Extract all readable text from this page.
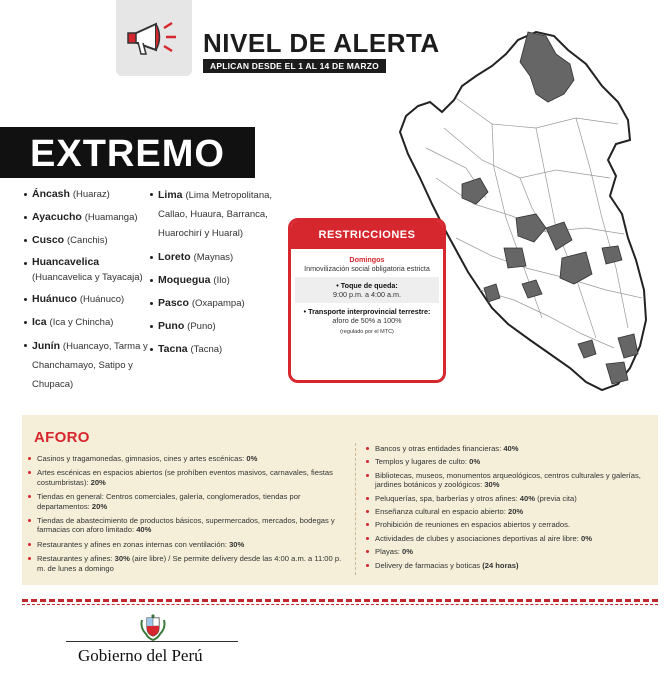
NIVEL DE ALERTA
APLICAN DESDE EL 1 AL 14 DE MARZO
EXTREMO
Áncash (Huaraz)
Ayacucho (Huamanga)
Cusco (Canchis)
Huancavelica
(Huancavelica y Tayacaja)
Huánuco (Huánuco)
Ica (Ica y Chincha)
Junín (Huancayo, Tarma y Chanchamayo, Satipo y Chupaca)
Lima (Lima Metropolitana, Callao, Huaura, Barranca, Huarochirí y Huaral)
Loreto (Maynas)
Moquegua (Ilo)
Pasco (Oxapampa)
Puno (Puno)
Tacna (Tacna)
RESTRICCIONES
Domingos
Inmovilización social obligatoria estricta
• Toque de queda:
9:00 p.m. a 4:00 a.m.
• Transporte interprovincial terrestre:
aforo de 50% a 100%
(regulado por el MTC)
AFORO
Casinos y tragamonedas, gimnasios, cines y artes escénicas: 0%
Artes escénicas en espacios abiertos (se prohíben eventos masivos, carnavales, fiestas costumbristas): 20%
Tiendas en general: Centros comerciales, galería, conglomerados, tiendas por departamentos: 20%
Tiendas de abastecimiento de productos básicos, supermercados, mercados, bodegas y farmacias con aforo limitado: 40%
Restaurantes y afines en zonas internas con ventilación: 30%
Restaurantes y afines: 30% (aire libre) / Se permite delivery desde las 4:00 a.m. a 11:00 p. m. de lunes a domingo
Bancos y otras entidades financieras: 40%
Templos y lugares de culto: 0%
Bibliotecas, museos, monumentos arqueológicos, centros culturales y galerías, jardines botánicos y zoológicos: 30%
Peluquerías, spa, barberías y otros afines: 40% (previa cita)
Enseñanza cultural en espacio abierto: 20%
Prohibición de reuniones en espacios abiertos y cerrados.
Actividades de clubes y asociaciones deportivas al aire libre: 0%
Playas: 0%
Delivery de farmacias y boticas (24 horas)
Gobierno del Perú
